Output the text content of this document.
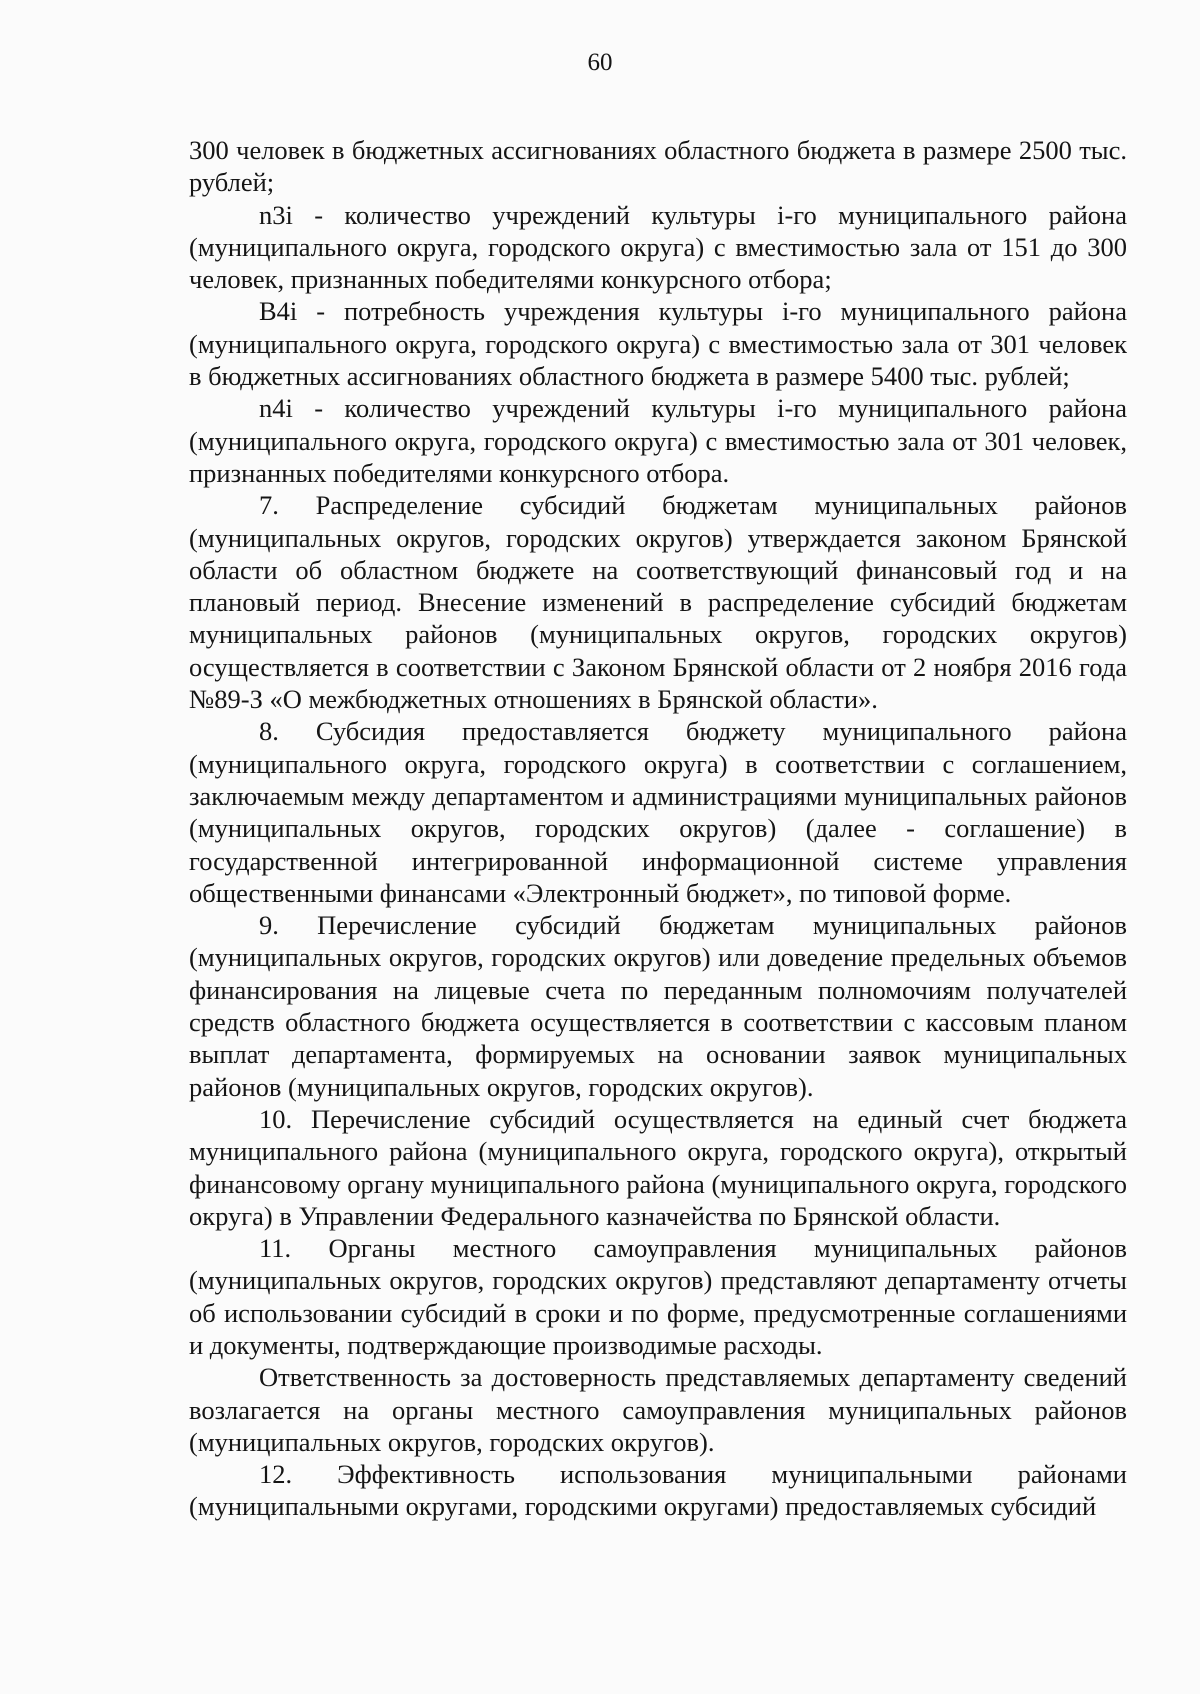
60

300 человек в бюджетных ассигнованиях областного бюджета в размере 2500 тыс. рублей;

n3i - количество учреждений культуры i-го муниципального района (муниципального округа, городского округа) с вместимостью зала от 151 до 300 человек, признанных победителями конкурсного отбора;

В4i - потребность учреждения культуры i-го муниципального района (муниципального округа, городского округа) с вместимостью зала от 301 человек в бюджетных ассигнованиях областного бюджета в размере 5400 тыс. рублей;

n4i - количество учреждений культуры i-го муниципального района (муниципального округа, городского округа) с вместимостью зала от 301 человек, признанных победителями конкурсного отбора.

7. Распределение субсидий бюджетам муниципальных районов (муниципальных округов, городских округов) утверждается законом Брянской области об областном бюджете на соответствующий финансовый год и на плановый период. Внесение изменений в распределение субсидий бюджетам муниципальных районов (муниципальных округов, городских округов) осуществляется в соответствии с Законом Брянской области от 2 ноября 2016 года №89-З «О межбюджетных отношениях в Брянской области».

8. Субсидия предоставляется бюджету муниципального района (муниципального округа, городского округа) в соответствии с соглашением, заключаемым между департаментом и администрациями муниципальных районов (муниципальных округов, городских округов) (далее - соглашение) в государственной интегрированной информационной системе управления общественными финансами «Электронный бюджет», по типовой форме.

9. Перечисление субсидий бюджетам муниципальных районов (муниципальных округов, городских округов) или доведение предельных объемов финансирования на лицевые счета по переданным полномочиям получателей средств областного бюджета осуществляется в соответствии с кассовым планом выплат департамента, формируемых на основании заявок муниципальных районов (муниципальных округов, городских округов).

10. Перечисление субсидий осуществляется на единый счет бюджета муниципального района (муниципального округа, городского округа), открытый финансовому органу муниципального района (муниципального округа, городского округа) в Управлении Федерального казначейства по Брянской области.

11. Органы местного самоуправления муниципальных районов (муниципальных округов, городских округов) представляют департаменту отчеты об использовании субсидий в сроки и по форме, предусмотренные соглашениями и документы, подтверждающие производимые расходы.

Ответственность за достоверность представляемых департаменту сведений возлагается на органы местного самоуправления муниципальных районов (муниципальных округов, городских округов).

12. Эффективность использования муниципальными районами (муниципальными округами, городскими округами) предоставляемых субсидий
